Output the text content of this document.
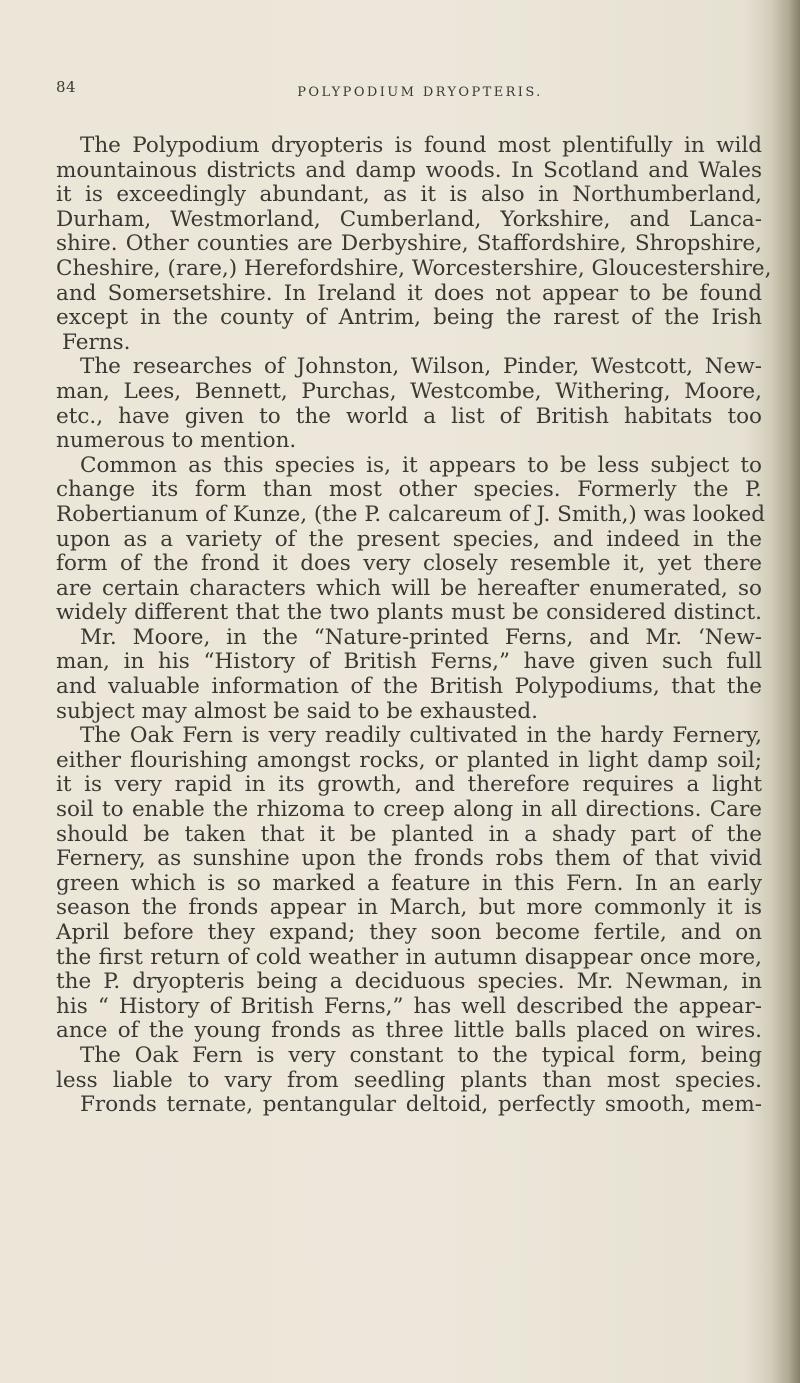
84	POLYPODIUM DRYOPTERIS.
The Polypodium dryopteris is found most plentifully in wild
mountainous districts and damp woods. In Scotland and Wales
it is exceedingly abundant, as it is also in Northumberland,
Durham, Westmorland, Cumberland, Yorkshire, and Lanca-
shire. Other counties are Derbyshire, Staffordshire, Shropshire,
Cheshire, (rare,) Herefordshire, Worcestershire, Gloucestershire,
and Somersetshire. In Ireland it does not appear to be found
except in the county of Antrim, being the rarest of the Irish
Ferns.
The researches of Johnston, Wilson, Pinder, Westcott, New-
man, Lees, Bennett, Purchas, Westcombe, Withering, Moore,
etc., have given to the world a list of British habitats too
numerous to mention.
Common as this species is, it appears to be less subject to
change its form than most other species. Formerly the P.
Robertianum of Kunze, (the P. calcareum of J. Smith,) was looked
upon as a variety of the present species, and indeed in the
form of the frond it does very closely resemble it, yet there
are certain characters which will be hereafter enumerated, so
widely different that the two plants must be considered distinct.
Mr. Moore, in the “Nature-printed Ferns, and Mr. ‘New-
man, in his “History of British Ferns,” have given such full
and valuable information of the British Polypodiums, that the
subject may almost be said to be exhausted.
The Oak Fern is very readily cultivated in the hardy Fernery,
either flourishing amongst rocks, or planted in light damp soil;
it is very rapid in its growth, and therefore requires a light
soil to enable the rhizoma to creep along in all directions. Care
should be taken that it be planted in a shady part of the
Fernery, as sunshine upon the fronds robs them of that vivid
green which is so marked a feature in this Fern. In an early
season the fronds appear in March, but more commonly it is
April before they expand; they soon become fertile, and on
the first return of cold weather in autumn disappear once more,
the P. dryopteris being a deciduous species. Mr. Newman, in
his “ History of British Ferns,” has well described the appear-
ance of the young fronds as three little balls placed on wires.
The Oak Fern is very constant to the typical form, being
less liable to vary from seedling plants than most species.
Fronds ternate, pentangular deltoid, perfectly smooth, mem-
